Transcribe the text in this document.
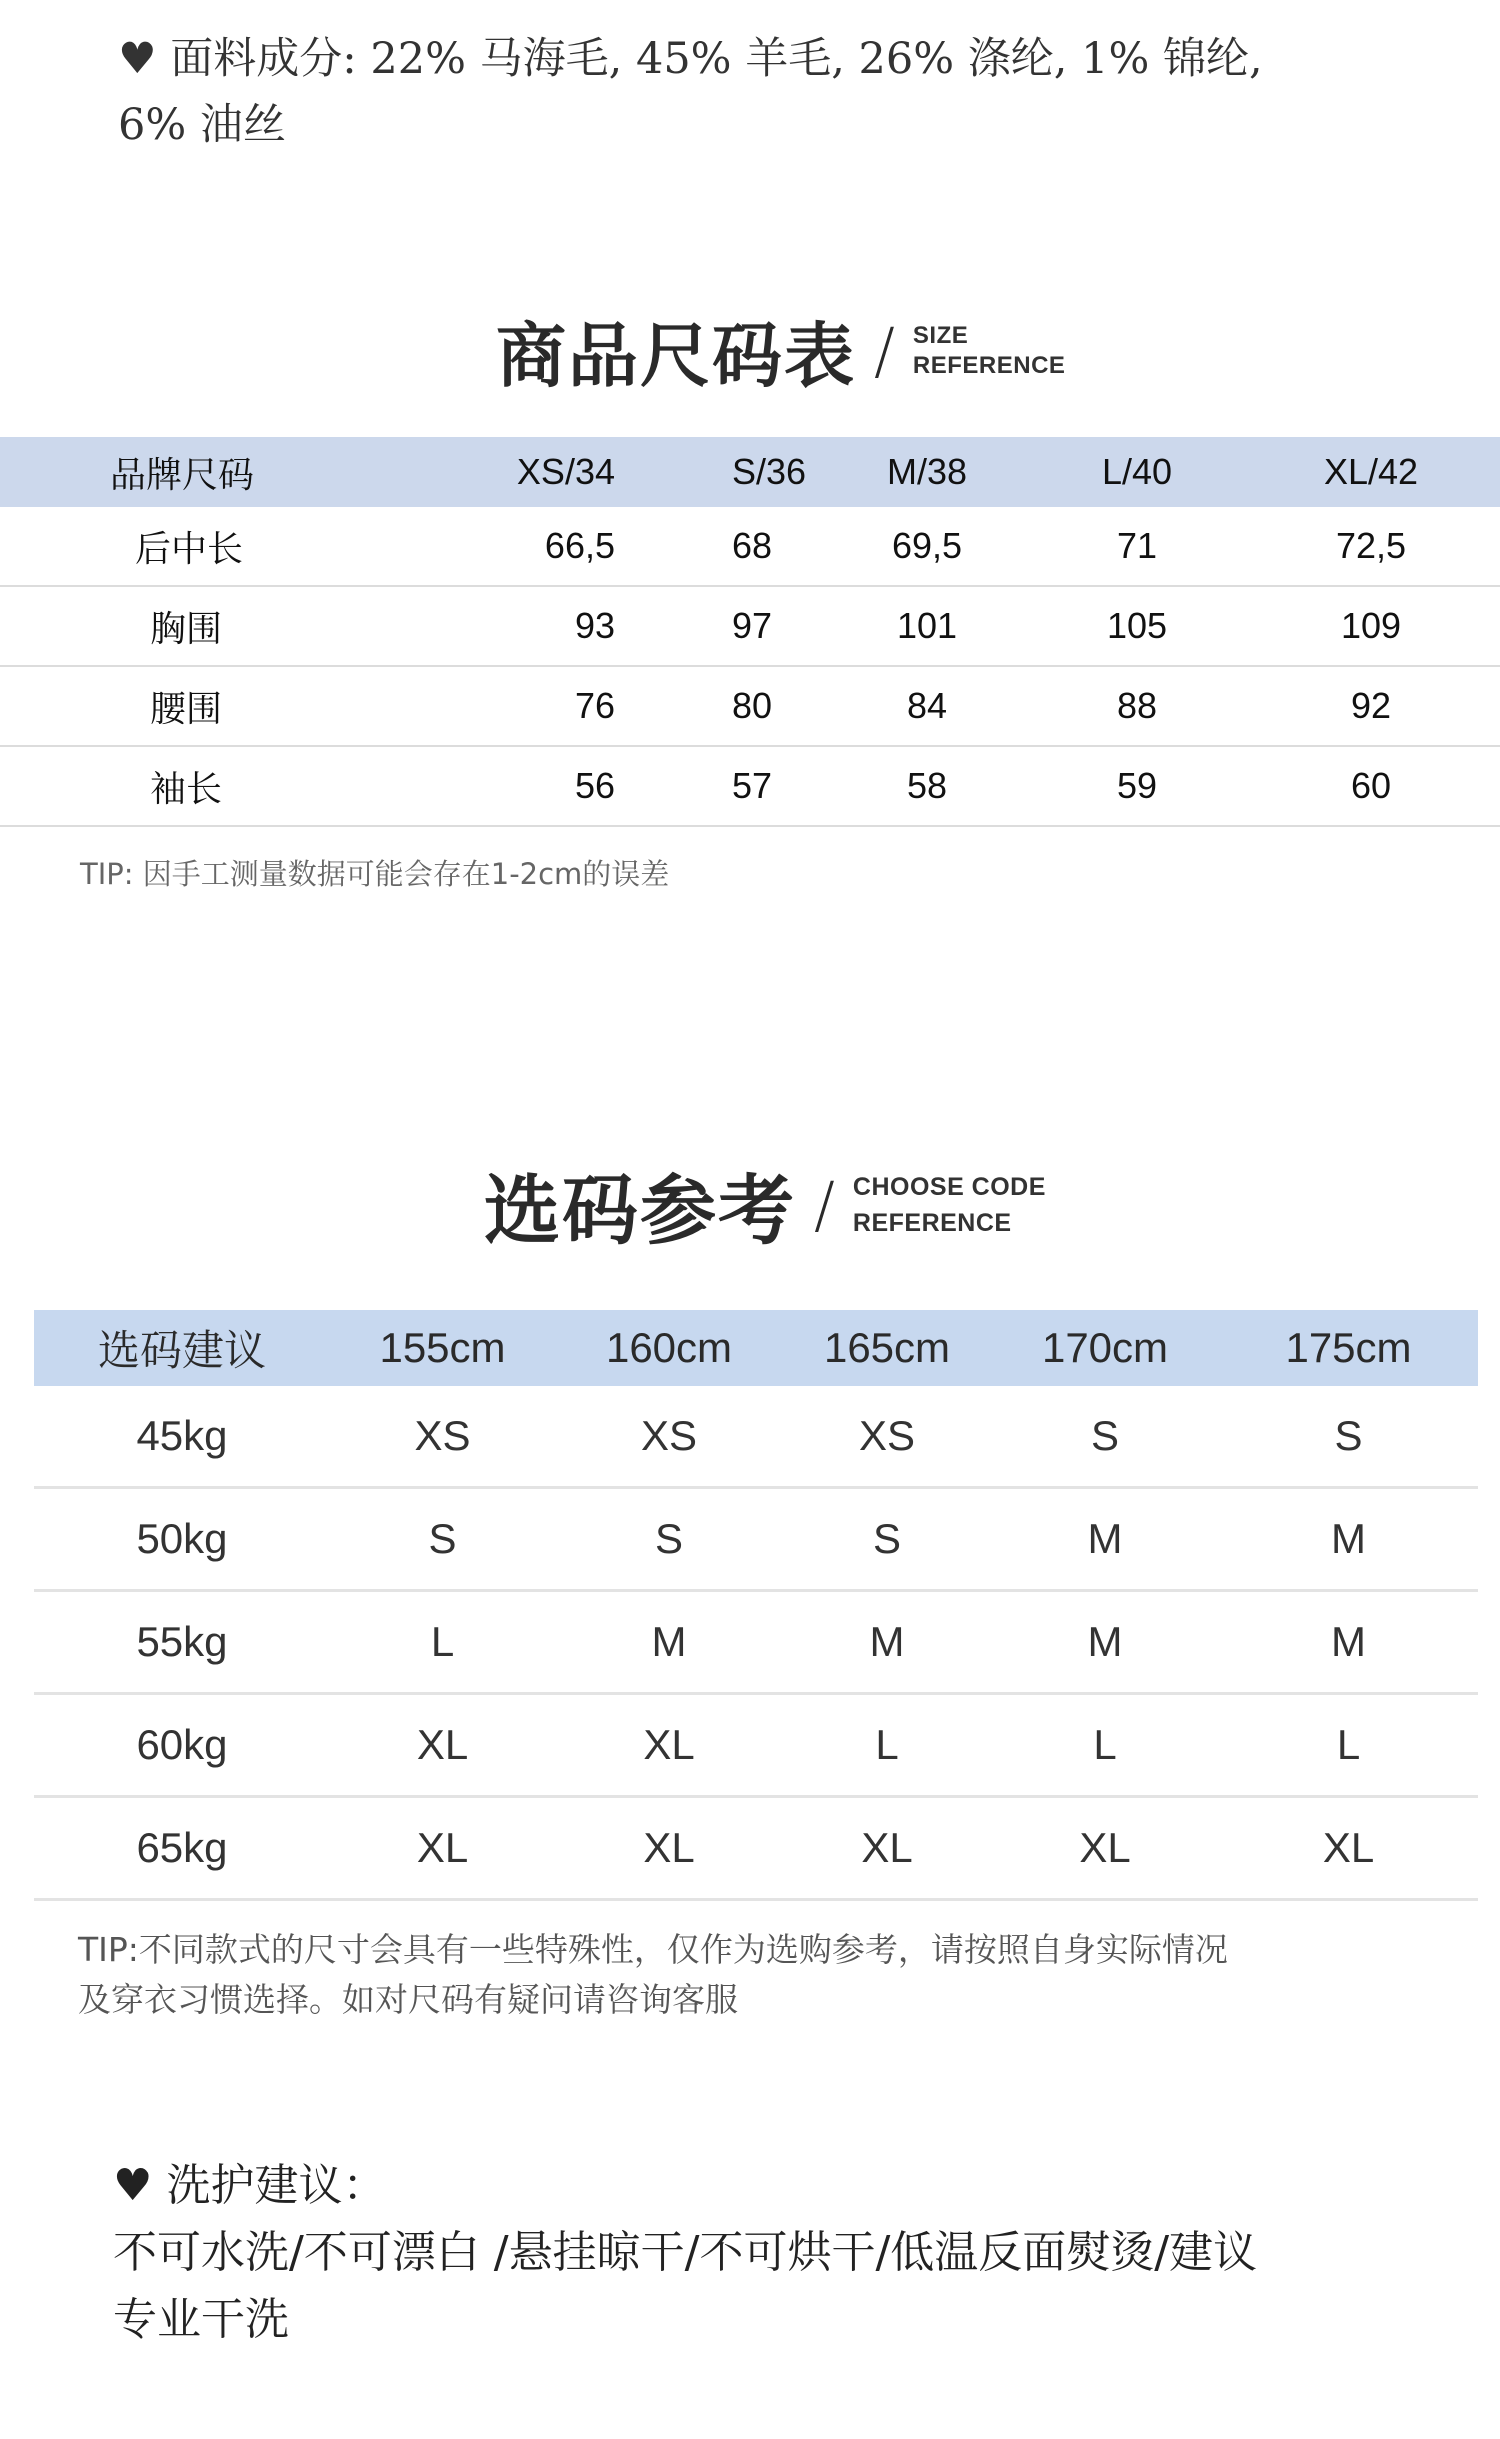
♥ 面料成分: 22% 马海毛, 45% 羊毛, 26% 涤纶, 1% 锦纶,
6% 油丝
商品尺码表 / SIZE
REFERENCE
品牌尺码	XS/34	S/36	M/38	L/40	XL/42
后中长	66,5	68	69,5	71	72,5
胸围	93	97	101	105	109
腰围	76	80	84	88	92
袖长	56	57	58	59	60
TIP: 因手工测量数据可能会存在1-2cm的误差
选码参考 / CHOOSE CODE
REFERENCE
选码建议	155cm	160cm	165cm	170cm	175cm
45kg	XS	XS	XS	S	S
50kg	S	S	S	M	M
55kg	L	M	M	M	M
60kg	XL	XL	L	L	L
65kg	XL	XL	XL	XL	XL
TIP:不同款式的尺寸会具有一些特殊性，仅作为选购参考，请按照自身实际情况
及穿衣习惯选择。如对尺码有疑问请咨询客服
♥ 洗护建议：
不可水洗/不可漂白 /悬挂晾干/不可烘干/低温反面熨烫/建议
专业干洗
